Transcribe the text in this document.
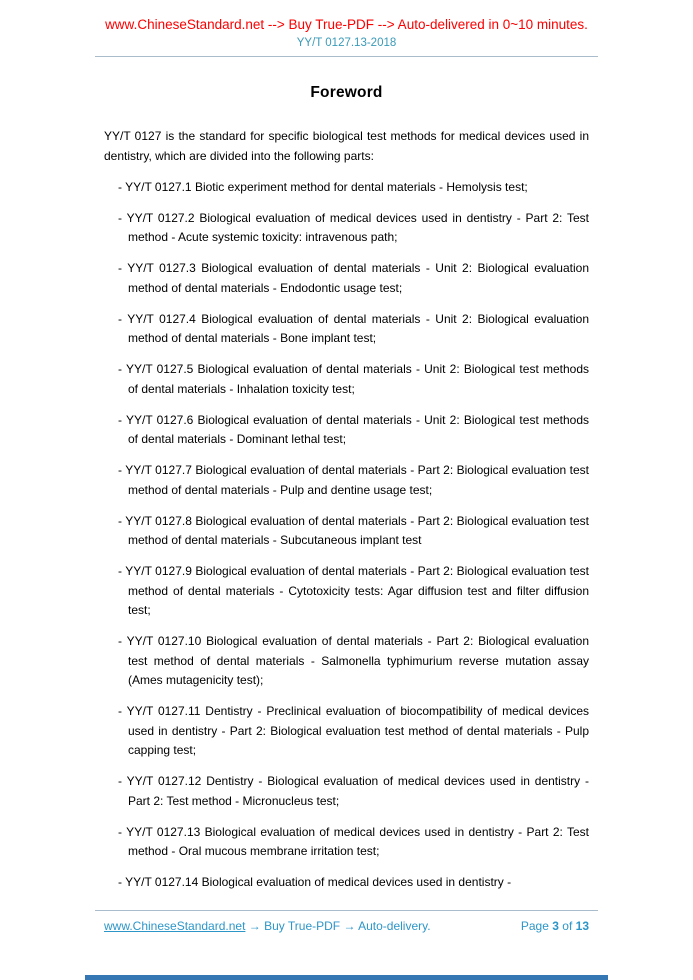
www.ChineseStandard.net --> Buy True-PDF --> Auto-delivered in 0~10 minutes.
YY/T 0127.13-2018
Foreword

YY/T 0127 is the standard for specific biological test methods for medical devices used in dentistry, which are divided into the following parts:

- YY/T 0127.1 Biotic experiment method for dental materials - Hemolysis test;
- YY/T 0127.2 Biological evaluation of medical devices used in dentistry - Part 2: Test method - Acute systemic toxicity: intravenous path;
- YY/T 0127.3 Biological evaluation of dental materials - Unit 2: Biological evaluation method of dental materials - Endodontic usage test;
- YY/T 0127.4 Biological evaluation of dental materials - Unit 2: Biological evaluation method of dental materials - Bone implant test;
- YY/T 0127.5 Biological evaluation of dental materials - Unit 2: Biological test methods of dental materials - Inhalation toxicity test;
- YY/T 0127.6 Biological evaluation of dental materials - Unit 2: Biological test methods of dental materials - Dominant lethal test;
- YY/T 0127.7 Biological evaluation of dental materials - Part 2: Biological evaluation test method of dental materials - Pulp and dentine usage test;
- YY/T 0127.8 Biological evaluation of dental materials - Part 2: Biological evaluation test method of dental materials - Subcutaneous implant test
- YY/T 0127.9 Biological evaluation of dental materials - Part 2: Biological evaluation test method of dental materials - Cytotoxicity tests: Agar diffusion test and filter diffusion test;
- YY/T 0127.10 Biological evaluation of dental materials - Part 2: Biological evaluation test method of dental materials - Salmonella typhimurium reverse mutation assay (Ames mutagenicity test);
- YY/T 0127.11 Dentistry - Preclinical evaluation of biocompatibility of medical devices used in dentistry - Part 2: Biological evaluation test method of dental materials - Pulp capping test;
- YY/T 0127.12 Dentistry - Biological evaluation of medical devices used in dentistry - Part 2: Test method - Micronucleus test;
- YY/T 0127.13 Biological evaluation of medical devices used in dentistry - Part 2: Test method - Oral mucous membrane irritation test;
- YY/T 0127.14 Biological evaluation of medical devices used in dentistry -
www.ChineseStandard.net → Buy True-PDF → Auto-delivery.	Page 3 of 13
